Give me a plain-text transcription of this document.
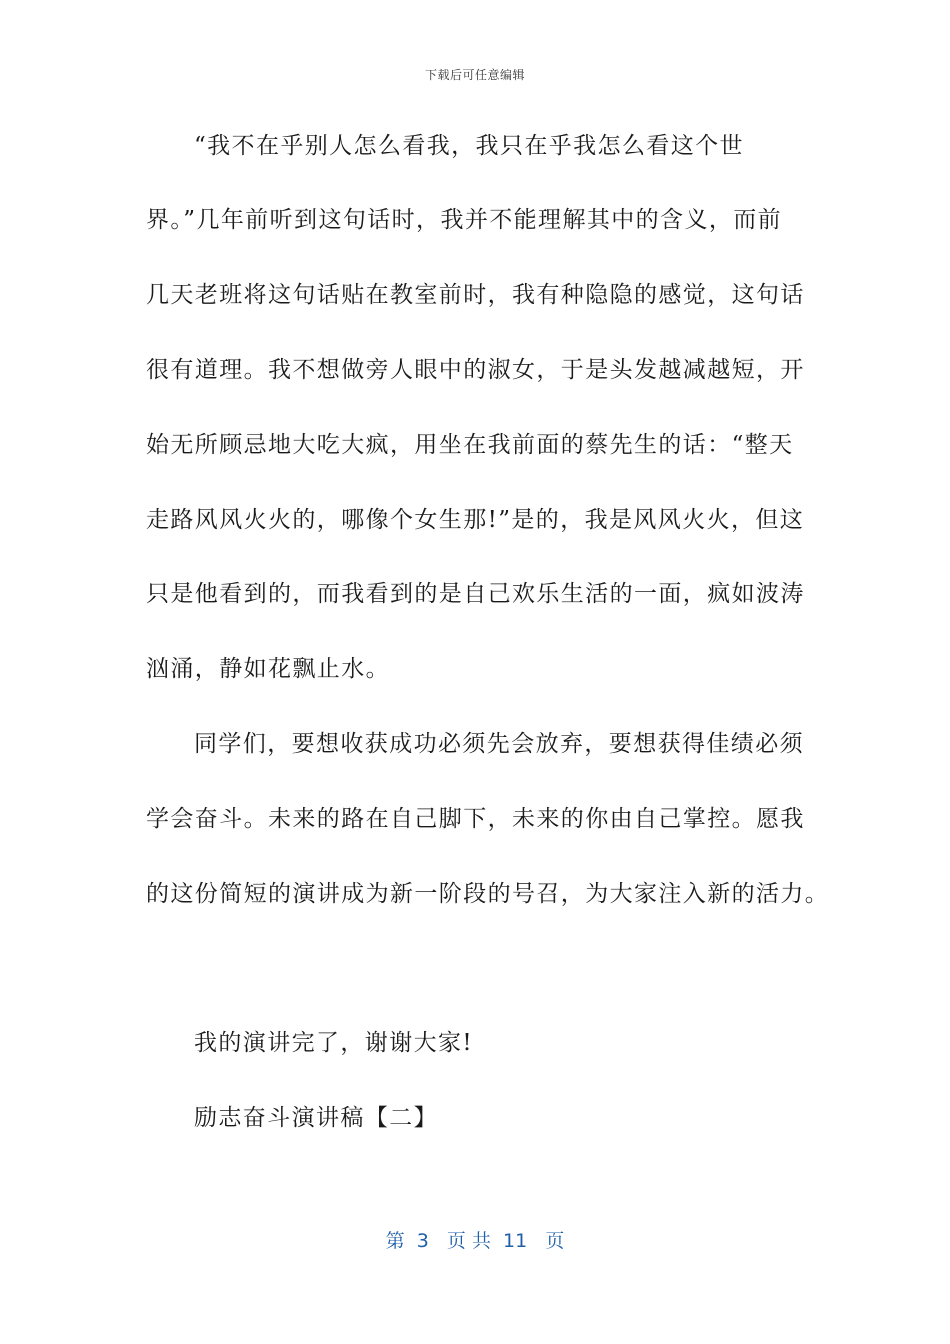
下载后可任意编辑
“我不在乎别人怎么看我，我只在乎我怎么看这个世
界。”几年前听到这句话时，我并不能理解其中的含义，而前
几天老班将这句话贴在教室前时，我有种隐隐的感觉，这句话
很有道理。我不想做旁人眼中的淑女，于是头发越减越短，开
始无所顾忌地大吃大疯，用坐在我前面的蔡先生的话：“整天
走路风风火火的，哪像个女生那!”是的，我是风风火火，但这
只是他看到的，而我看到的是自己欢乐生活的一面，疯如波涛
汹涌，静如花飘止水。
同学们，要想收获成功必须先会放弃，要想获得佳绩必须
学会奋斗。未来的路在自己脚下，未来的你由自己掌控。愿我
的这份简短的演讲成为新一阶段的号召，为大家注入新的活力。
我的演讲完了，谢谢大家!
励志奋斗演讲稿【二】
第  3   页 共  11   页
